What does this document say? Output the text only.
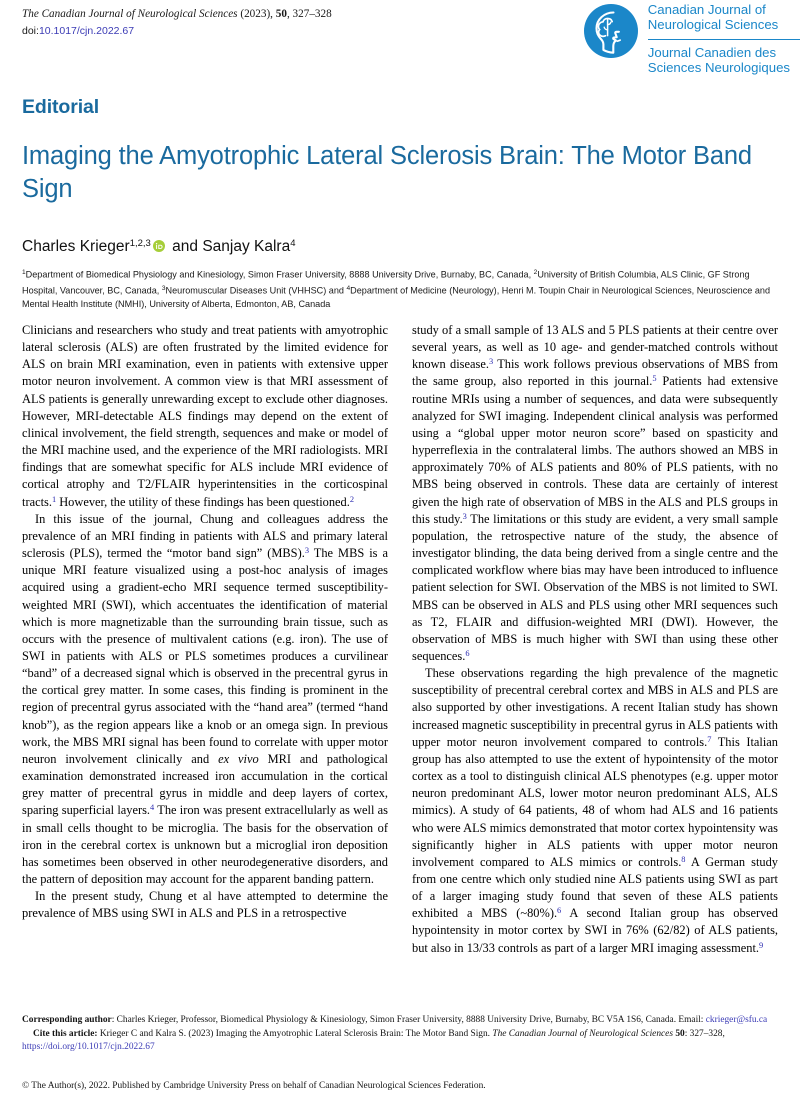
The Canadian Journal of Neurological Sciences (2023), 50, 327–328
doi:10.1017/cjn.2022.67
Canadian Journal of
Neurological Sciences
Journal Canadien des
Sciences Neurologiques
Editorial
Imaging the Amyotrophic Lateral Sclerosis Brain: The Motor Band Sign
Charles Krieger$^{1,2,3}$ and Sanjay Kalra$^4$
$^1$Department of Biomedical Physiology and Kinesiology, Simon Fraser University, 8888 University Drive, Burnaby, BC, Canada, $^2$University of British Columbia, ALS Clinic, GF Strong Hospital, Vancouver, BC, Canada, $^3$Neuromuscular Diseases Unit (VHHSC) and $^4$Department of Medicine (Neurology), Henri M. Toupin Chair in Neurological Sciences, Neuroscience and Mental Health Institute (NMHI), University of Alberta, Edmonton, AB, Canada

Clinicians and researchers who study and treat patients with amyotrophic lateral sclerosis (ALS) are often frustrated by the limited evidence for ALS on brain MRI examination, even in patients with extensive upper motor neuron involvement. A common view is that MRI assessment of ALS patients is generally unrewarding except to exclude other diagnoses. However, MRI-detectable ALS findings may depend on the extent of clinical involvement, the field strength, sequences and make or model of the MRI machine used, and the experience of the MRI radiologists. MRI findings that are somewhat specific for ALS include MRI evidence of cortical atrophy and T2/FLAIR hyperintensities in the corticospinal tracts.$^1$ However, the utility of these findings has been questioned.$^2$

In this issue of the journal, Chung and colleagues address the prevalence of an MRI finding in patients with ALS and primary lateral sclerosis (PLS), termed the “motor band sign” (MBS).$^3$ The MBS is a unique MRI feature visualized using a post-hoc analysis of images acquired using a gradient-echo MRI sequence termed susceptibility-weighted MRI (SWI), which accentuates the identification of material which is more magnetizable than the surrounding brain tissue, such as occurs with the presence of multivalent cations (e.g. iron). The use of SWI in patients with ALS or PLS sometimes produces a curvilinear “band” of a decreased signal which is observed in the precentral gyrus in the cortical grey matter. In some cases, this finding is prominent in the region of precentral gyrus associated with the “hand area” (termed “hand knob”), as the region appears like a knob or an omega sign. In previous work, the MBS MRI signal has been found to correlate with upper motor neuron involvement clinically and ex vivo MRI and pathological examination demonstrated increased iron accumulation in the cortical grey matter of precentral gyrus in middle and deep layers of cortex, sparing superficial layers.$^4$ The iron was present extracellularly as well as in small cells thought to be microglia. The basis for the observation of iron in the cerebral cortex is unknown but a microglial iron deposition has sometimes been observed in other neurodegenerative disorders, and the pattern of deposition may account for the apparent banding pattern.

In the present study, Chung et al have attempted to determine the prevalence of MBS using SWI in ALS and PLS in a retrospective

study of a small sample of 13 ALS and 5 PLS patients at their centre over several years, as well as 10 age- and gender-matched controls without known disease.$^3$ This work follows previous observations of MBS from the same group, also reported in this journal.$^5$ Patients had extensive routine MRIs using a number of sequences, and data were subsequently analyzed for SWI imaging. Independent clinical analysis was performed using a “global upper motor neuron score” based on spasticity and hyperreflexia in the contralateral limbs. The authors showed an MBS in approximately 70% of ALS patients and 80% of PLS patients, with no MBS being observed in controls. These data are certainly of interest given the high rate of observation of MBS in the ALS and PLS groups in this study.$^3$ The limitations or this study are evident, a very small sample population, the retrospective nature of the study, the absence of investigator blinding, the data being derived from a single centre and the complicated workflow where bias may have been introduced to influence patient selection for SWI. Observation of the MBS is not limited to SWI. MBS can be observed in ALS and PLS using other MRI sequences such as T2, FLAIR and diffusion-weighted MRI (DWI). However, the observation of MBS is much higher with SWI than using these other sequences.$^6$

These observations regarding the high prevalence of the magnetic susceptibility of precentral cerebral cortex and MBS in ALS and PLS are also supported by other investigations. A recent Italian study has shown increased magnetic susceptibility in precentral gyrus in ALS patients with upper motor neuron involvement compared to controls.$^7$ This Italian group has also attempted to use the extent of hypointensity of the motor cortex as a tool to distinguish clinical ALS phenotypes (e.g. upper motor neuron predominant ALS, lower motor neuron predominant ALS, ALS mimics). A study of 64 patients, 48 of whom had ALS and 16 patients who were ALS mimics demonstrated that motor cortex hypointensity was significantly higher in ALS patients with upper motor neuron involvement compared to ALS mimics or controls.$^8$ A German study from one centre which only studied nine ALS patients using SWI as part of a larger imaging study found that seven of these ALS patients exhibited a MBS (~80%).$^6$ A second Italian group has observed hypointensity in motor cortex by SWI in 76% (62/82) of ALS patients, but also in 13/33 controls as part of a larger MRI imaging assessment.$^9$

Corresponding author: Charles Krieger, Professor, Biomedical Physiology & Kinesiology, Simon Fraser University, 8888 University Drive, Burnaby, BC V5A 1S6, Canada. Email: ckrieger@sfu.ca

Cite this article: Krieger C and Kalra S. (2023) Imaging the Amyotrophic Lateral Sclerosis Brain: The Motor Band Sign. The Canadian Journal of Neurological Sciences 50: 327–328, https://doi.org/10.1017/cjn.2022.67

© The Author(s), 2022. Published by Cambridge University Press on behalf of Canadian Neurological Sciences Federation.
